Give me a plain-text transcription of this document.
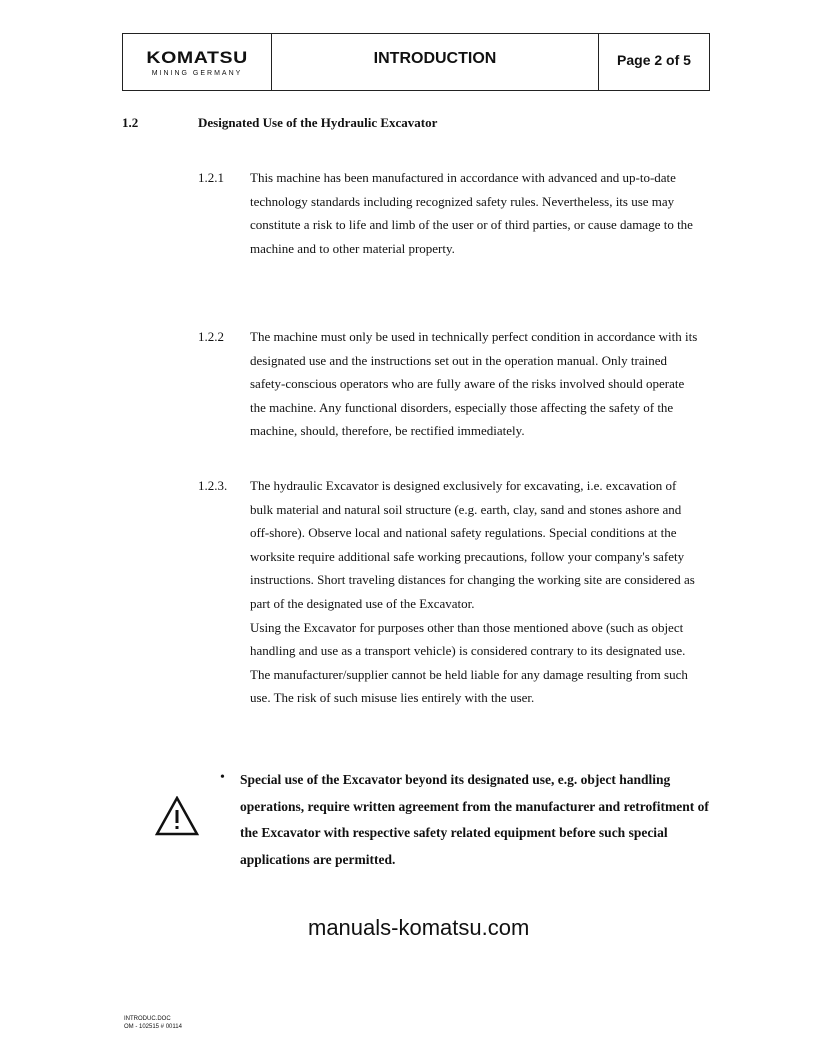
KOMATSU
MINING GERMANY
INTRODUCTION	Page 2 of 5
1.2	Designated Use of the Hydraulic Excavator
1.2.1 This machine has been manufactured in accordance with advanced and up-to-date technology standards including recognized safety rules. Nevertheless, its use may constitute a risk to life and limb of the user or of third parties, or cause damage to the machine and to other material property.
1.2.2 The machine must only be used in technically perfect condition in accordance with its designated use and the instructions set out in the operation manual. Only trained safety-conscious operators who are fully aware of the risks involved should operate the machine. Any functional disorders, especially those affecting the safety of the machine, should, therefore, be rectified immediately.
1.2.3. The hydraulic Excavator is designed exclusively for excavating, i.e. excavation of bulk material and natural soil structure (e.g. earth, clay, sand and stones ashore and off-shore). Observe local and national safety regulations. Special conditions at the worksite require additional safe working precautions, follow your company's safety instructions. Short traveling distances for changing the working site are considered as part of the designated use of the Excavator.
Using the Excavator for purposes other than those mentioned above (such as object handling and use as a transport vehicle) is considered contrary to its designated use. The manufacturer/supplier cannot be held liable for any damage resulting from such use. The risk of such misuse lies entirely with the user.
• Special use of the Excavator beyond its designated use, e.g. object handling operations, require written agreement from the manufacturer and retrofitment of the Excavator with respective safety related equipment before such special applications are permitted.
manuals-komatsu.com
INTRODUC.DOC
OM - 102515 # 00114
